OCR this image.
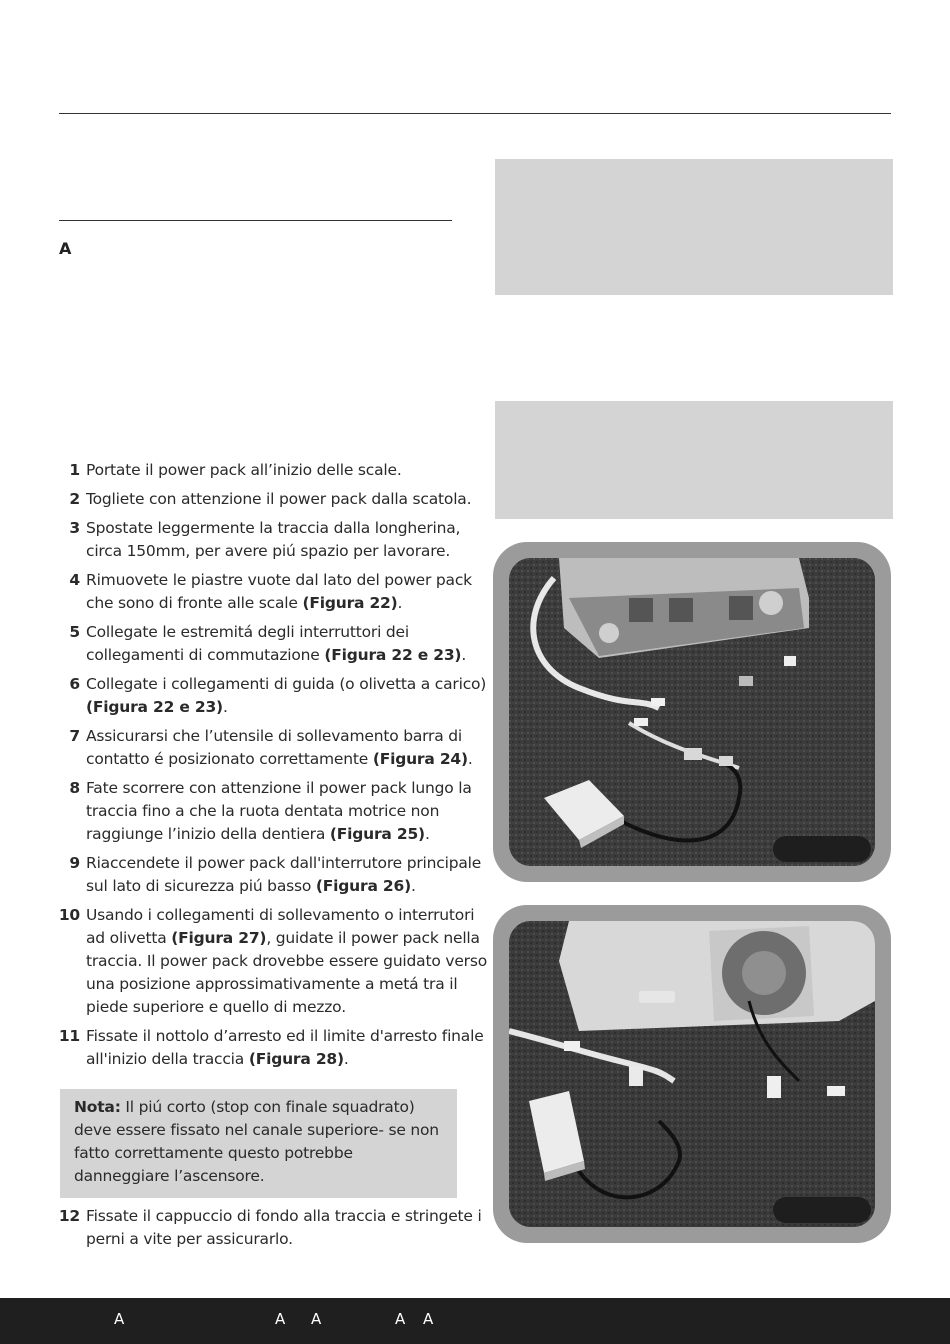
A
1 Portate il power pack all’inizio delle scale.
2 Togliete con attenzione il power pack dalla scatola.
3 Spostate leggermente la traccia dalla longherina, circa 150mm, per avere piú spazio per lavorare.
4 Rimuovete le piastre vuote dal lato del power pack che sono di fronte alle scale (Figura 22).
5 Collegate le estremitá degli interruttori dei collegamenti di commutazione (Figura 22 e 23).
6 Collegate i collegamenti di guida (o olivetta a carico) (Figura 22 e 23).
7 Assicurarsi che l’utensile di sollevamento barra di contatto é posizionato correttamente (Figura 24).
8 Fate scorrere con attenzione il power pack lungo la traccia fino a che la ruota dentata motrice non raggiunge l’inizio della dentiera (Figura 25).
9 Riaccendete il power pack dall'interrutore principale sul lato di sicurezza piú basso (Figura 26).
10 Usando i collegamenti di sollevamento o interrutori ad olivetta (Figura 27), guidate il power pack nella traccia. Il power pack drovebbe essere guidato verso una posizione approssimativamente a metá tra il piede superiore e quello di mezzo.
11 Fissate il nottolo d’arresto ed il limite d'arresto finale all'inizio della traccia (Figura 28).
Nota: Il piú corto (stop con finale squadrato) deve essere fissato nel canale superiore- se non fatto correttamente questo potrebbe danneggiare l’ascensore.
12 Fissate il cappuccio di fondo alla traccia e stringete i perni a vite per assicurarlo.
A	A A	A A
